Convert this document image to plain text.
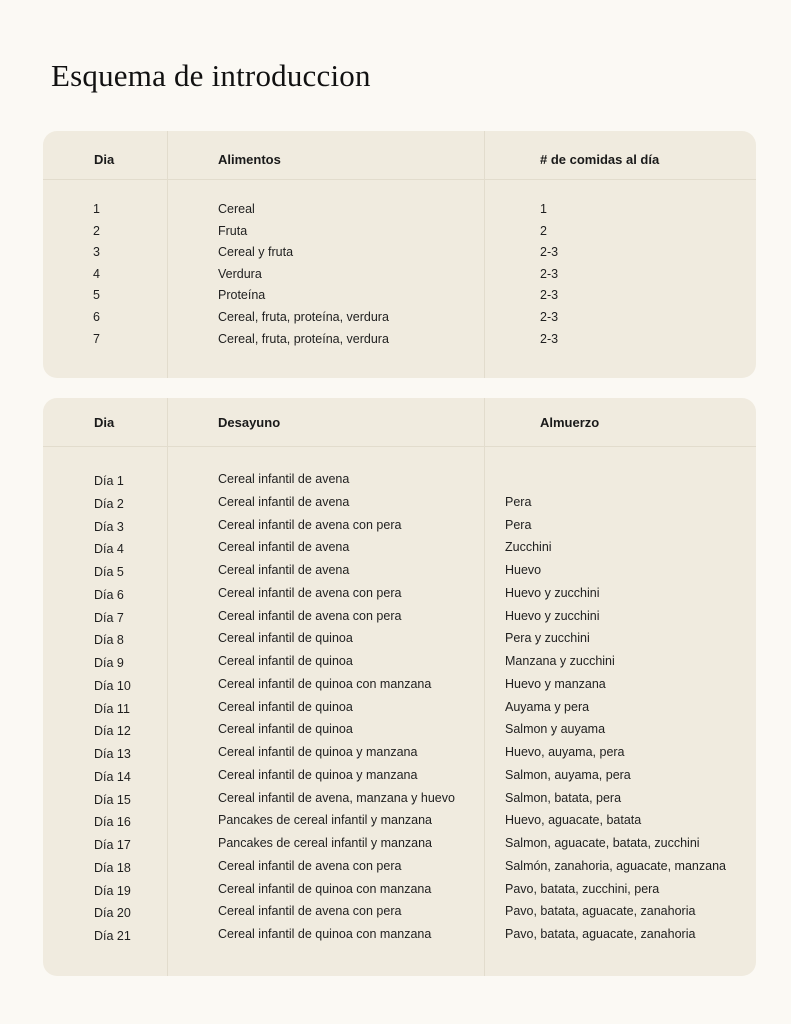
Esquema de introduccion
Dia	Alimentos	# de comidas al día
1	Cereal	1
2	Fruta	2
3	Cereal y fruta	2-3
4	Verdura	2-3
5	Proteína	2-3
6	Cereal, fruta, proteína, verdura	2-3
7	Cereal, fruta, proteína, verdura	2-3
Dia	Desayuno	Almuerzo
Día 1	Cereal infantil de avena
Día 2	Cereal infantil de avena	Pera
Día 3	Cereal infantil de avena con pera	Pera
Día 4	Cereal infantil de avena	Zucchini
Día 5	Cereal infantil de avena	Huevo
Día 6	Cereal infantil de avena con pera	Huevo y zucchini
Día 7	Cereal infantil de avena con pera	Huevo y zucchini
Día 8	Cereal infantil de quinoa	Pera y zucchini
Día 9	Cereal infantil de quinoa	Manzana y zucchini
Día 10	Cereal infantil de quinoa con manzana	Huevo y manzana
Día 11	Cereal infantil de quinoa	Auyama y pera
Día 12	Cereal infantil de quinoa	Salmon y auyama
Día 13	Cereal infantil de quinoa y manzana	Huevo, auyama, pera
Día 14	Cereal infantil de quinoa y manzana	Salmon, auyama, pera
Día 15	Cereal infantil de avena, manzana y huevo	Salmon, batata, pera
Día 16	Pancakes de cereal infantil y manzana	Huevo, aguacate, batata
Día 17	Pancakes de cereal infantil y manzana	Salmon, aguacate, batata, zucchini
Día 18	Cereal infantil de avena con pera	Salmón, zanahoria, aguacate, manzana
Día 19	Cereal infantil de quinoa con manzana	Pavo, batata, zucchini, pera
Día 20	Cereal infantil de avena con pera	Pavo, batata, aguacate, zanahoria
Día 21	Cereal infantil de quinoa con manzana	Pavo, batata, aguacate, zanahoria
